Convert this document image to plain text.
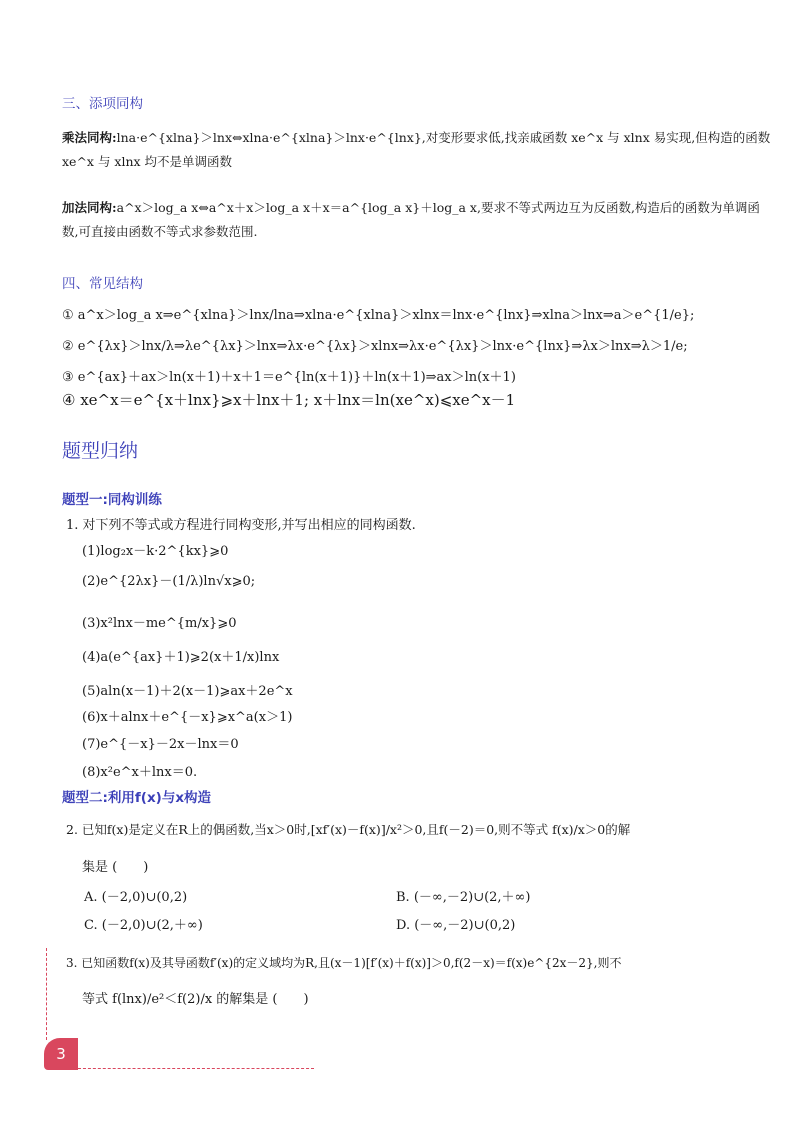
三、添项同构
乘法同构:lna·e^{xlna}＞lnx⇔xlna·e^{xlna}＞lnx·e^{lnx},对变形要求低,找亲戚函数 xe^x 与 xlnx 易实现,但构造的函数
xe^x 与 xlnx 均不是单调函数
加法同构:a^x＞log_a x⇔a^x＋x＞log_a x＋x＝a^{log_a x}＋log_a x,要求不等式两边互为反函数,构造后的函数为单调函
数,可直接由函数不等式求参数范围.
四、常见结构
① a^x＞log_a x⇒e^{xlna}＞lnx/lna⇒xlna·e^{xlna}＞xlnx＝lnx·e^{lnx}⇒xlna＞lnx⇒a＞e^{1/e};
② e^{λx}＞lnx/λ⇒λe^{λx}＞lnx⇒λx·e^{λx}＞xlnx⇒λx·e^{λx}＞lnx·e^{lnx}⇒λx＞lnx⇒λ＞1/e;
③ e^{ax}＋ax＞ln(x＋1)＋x＋1＝e^{ln(x＋1)}＋ln(x＋1)⇒ax＞ln(x＋1)
④ xe^x＝e^{x＋lnx}⩾x＋lnx＋1; x＋lnx＝ln(xe^x)⩽xe^x－1
题型归纳
题型一:同构训练
1. 对下列不等式或方程进行同构变形,并写出相应的同构函数.
(1)log₂x－k·2^{kx}⩾0
(2)e^{2λx}－(1/λ)ln√x⩾0;
(3)x²lnx－me^{m/x}⩾0
(4)a(e^{ax}＋1)⩾2(x＋1/x)lnx
(5)aln(x－1)＋2(x－1)⩾ax＋2e^x
(6)x＋alnx＋e^{－x}⩾x^a(x＞1)
(7)e^{－x}－2x－lnx＝0
(8)x²e^x＋lnx＝0.
题型二:利用f(x)与x构造
2. 已知f(x)是定义在R上的偶函数,当x＞0时,[xf′(x)－f(x)]/x²＞0,且f(－2)＝0,则不等式 f(x)/x＞0的解
集是 (　　)
A. (－2,0)∪(0,2)	B. (－∞,－2)∪(2,＋∞)
C. (－2,0)∪(2,＋∞)	D. (－∞,－2)∪(0,2)
3. 已知函数f(x)及其导函数f′(x)的定义域均为R,且(x－1)[f′(x)＋f(x)]＞0,f(2－x)＝f(x)e^{2x－2},则不
等式 f(lnx)/e²＜f(2)/x 的解集是 (　　)
3
